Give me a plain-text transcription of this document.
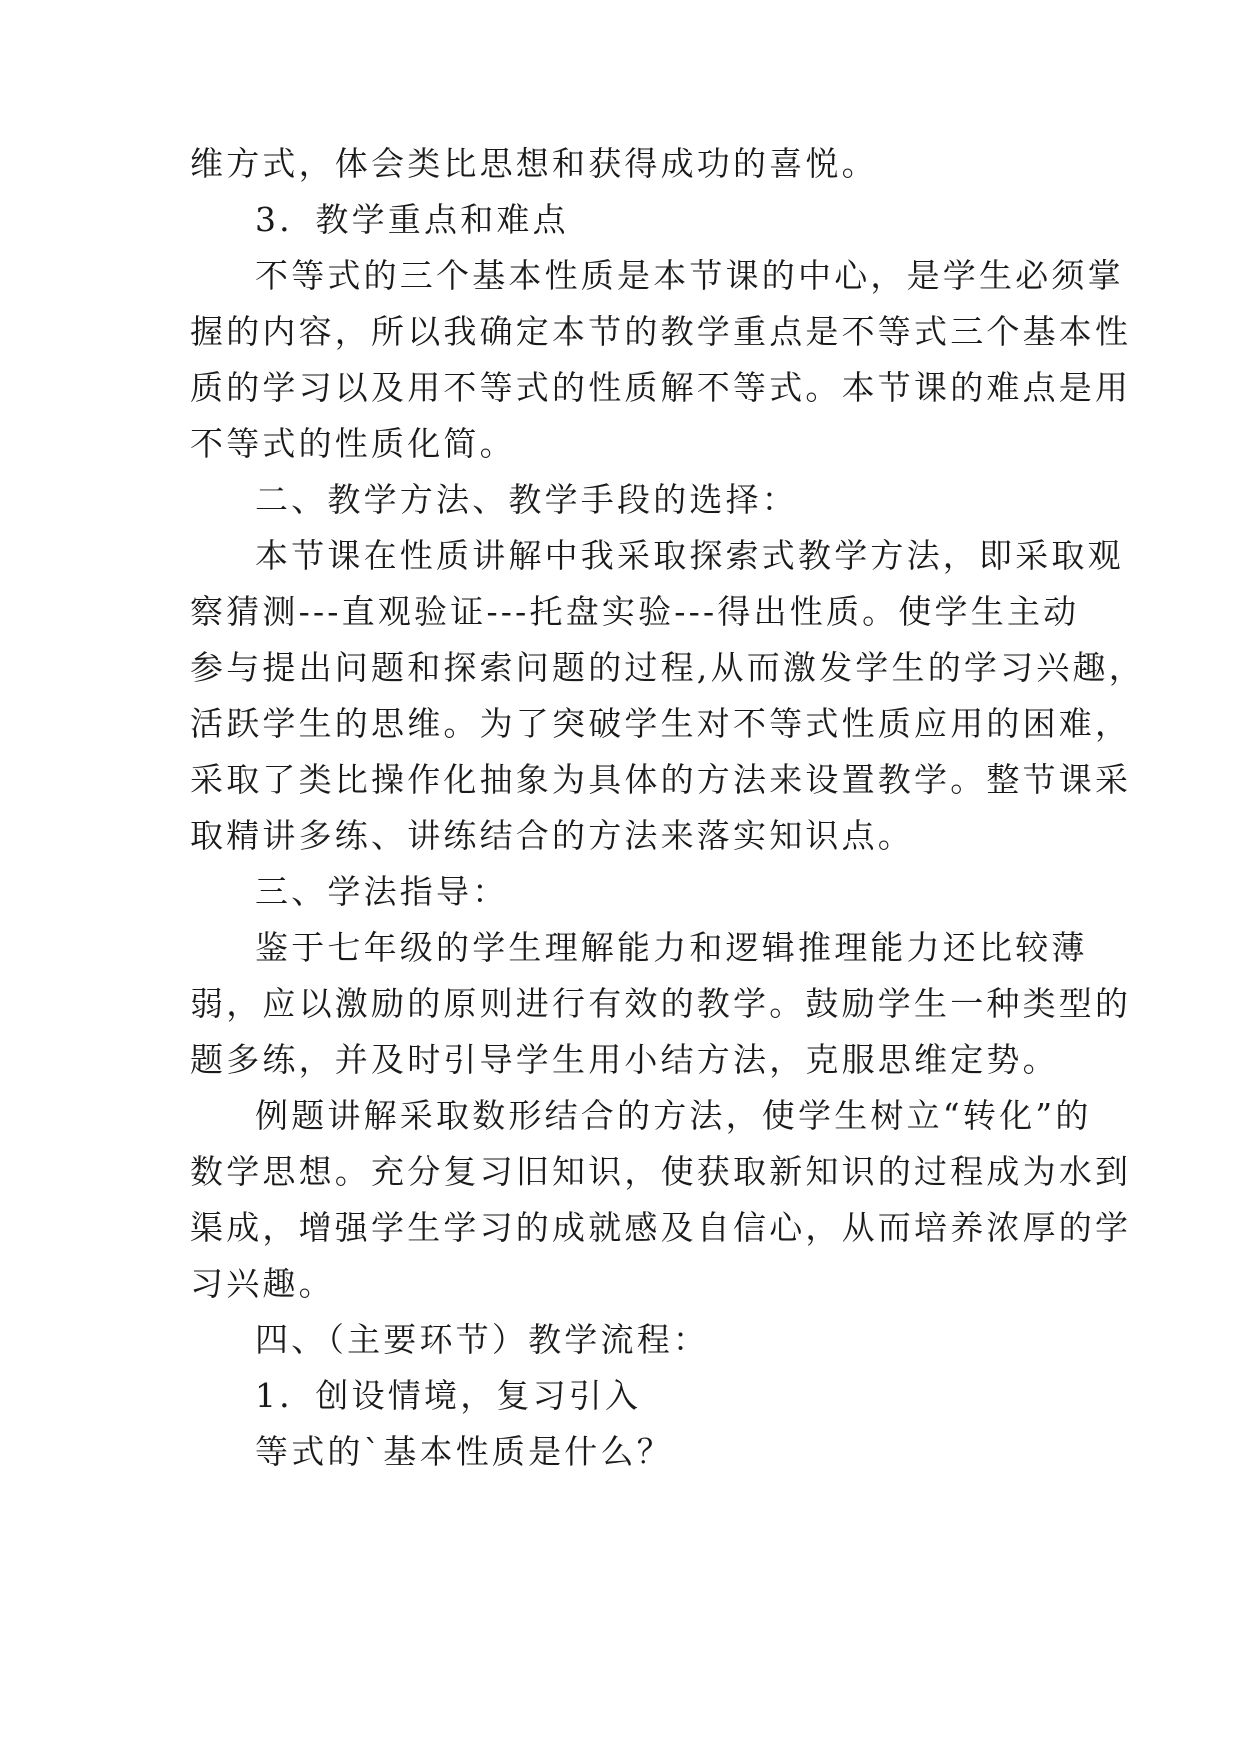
维方式，体会类比思想和获得成功的喜悦。
3．教学重点和难点
不等式的三个基本性质是本节课的中心，是学生必须掌
握的内容，所以我确定本节的教学重点是不等式三个基本性
质的学习以及用不等式的性质解不等式。本节课的难点是用
不等式的性质化简。
二、教学方法、教学手段的选择：
本节课在性质讲解中我采取探索式教学方法，即采取观
察猜测---直观验证---托盘实验---得出性质。使学生主动
参与提出问题和探索问题的过程,从而激发学生的学习兴趣，
活跃学生的思维。为了突破学生对不等式性质应用的困难，
采取了类比操作化抽象为具体的方法来设置教学。整节课采
取精讲多练、讲练结合的方法来落实知识点。
三、学法指导：
鉴于七年级的学生理解能力和逻辑推理能力还比较薄
弱，应以激励的原则进行有效的教学。鼓励学生一种类型的
题多练，并及时引导学生用小结方法，克服思维定势。
例题讲解采取数形结合的方法，使学生树立“转化”的
数学思想。充分复习旧知识，使获取新知识的过程成为水到
渠成，增强学生学习的成就感及自信心，从而培养浓厚的学
习兴趣。
四、（主要环节）教学流程：
1．创设情境，复习引入
等式的`基本性质是什么？
